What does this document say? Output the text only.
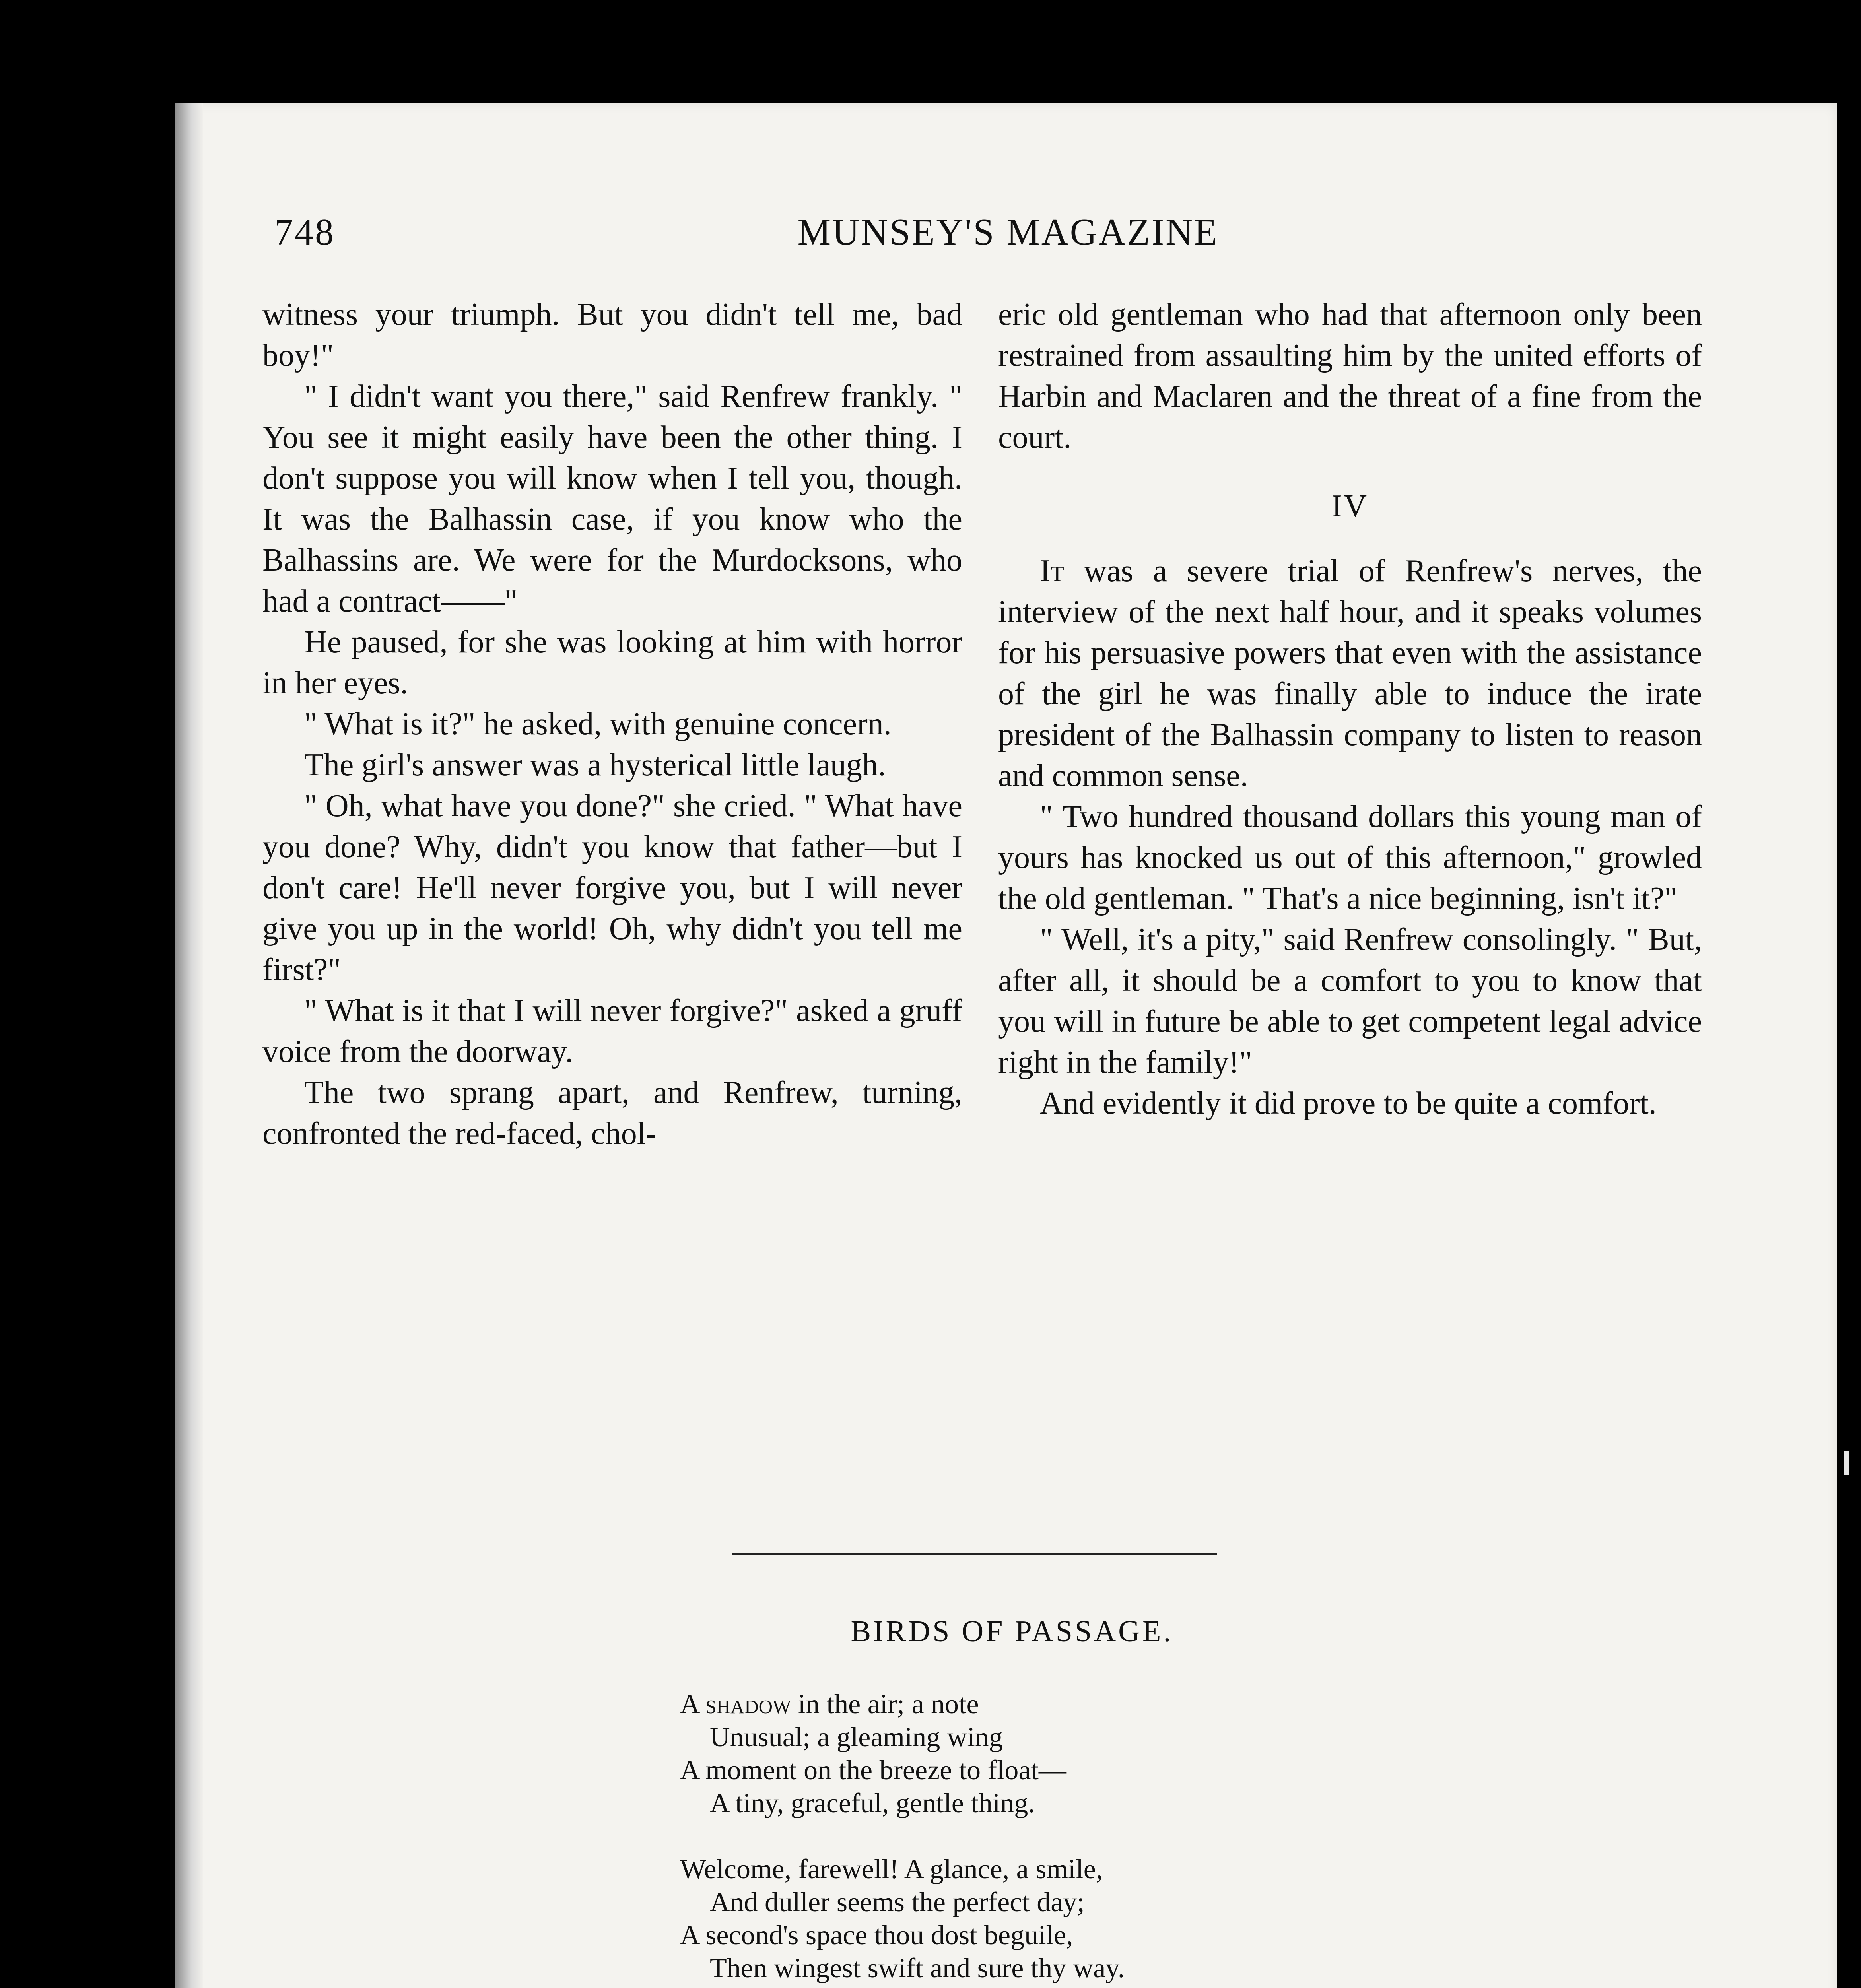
748	MUNSEY'S MAGAZINE

witness your triumph. But you didn't tell me, bad boy!"

" I didn't want you there," said Renfrew frankly. " You see it might easily have been the other thing. I don't suppose you will know when I tell you, though. It was the Balhassin case, if you know who the Balhassins are. We were for the Murdocksons, who had a contract——"

He paused, for she was looking at him with horror in her eyes.

" What is it?" he asked, with genuine concern.

The girl's answer was a hysterical little laugh.

" Oh, what have you done?" she cried. " What have you done? Why, didn't you know that father—but I don't care! He'll never forgive you, but I will never give you up in the world! Oh, why didn't you tell me first?"

" What is it that I will never forgive?" asked a gruff voice from the doorway.

The two sprang apart, and Renfrew, turning, confronted the red-faced, chol-

eric old gentleman who had that afternoon only been restrained from assaulting him by the united efforts of Harbin and Maclaren and the threat of a fine from the court.

IV

It was a severe trial of Renfrew's nerves, the interview of the next half hour, and it speaks volumes for his persuasive powers that even with the assistance of the girl he was finally able to induce the irate president of the Balhassin company to listen to reason and common sense.

" Two hundred thousand dollars this young man of yours has knocked us out of this afternoon," growled the old gentleman. " That's a nice beginning, isn't it?"

" Well, it's a pity," said Renfrew consolingly. " But, after all, it should be a comfort to you to know that you will in future be able to get competent legal advice right in the family!"

And evidently it did prove to be quite a comfort.

BIRDS OF PASSAGE.
A shadow in the air; a note
Unusual; a gleaming wing
A moment on the breeze to float—
A tiny, graceful, gentle thing.
Welcome, farewell! A glance, a smile,
And duller seems the perfect day;
A second's space thou dost beguile,
Then wingest swift and sure thy way.
